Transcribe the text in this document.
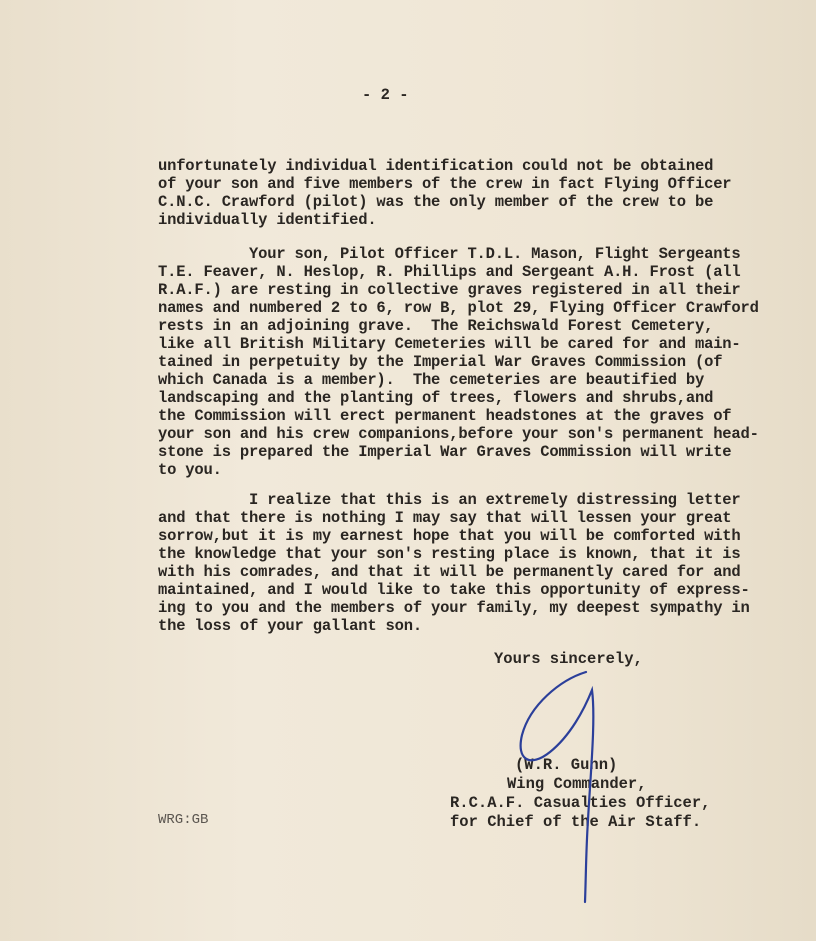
- 2 -
unfortunately individual identification could not be obtained
of your son and five members of the crew in fact Flying Officer
C.N.C. Crawford (pilot) was the only member of the crew to be
individually identified.
Your son, Pilot Officer T.D.L. Mason, Flight Sergeants
T.E. Feaver, N. Heslop, R. Phillips and Sergeant A.H. Frost (all
R.A.F.) are resting in collective graves registered in all their
names and numbered 2 to 6, row B, plot 29, Flying Officer Crawford
rests in an adjoining grave.  The Reichswald Forest Cemetery,
like all British Military Cemeteries will be cared for and main-
tained in perpetuity by the Imperial War Graves Commission (of
which Canada is a member).  The cemeteries are beautified by
landscaping and the planting of trees, flowers and shrubs,and
the Commission will erect permanent headstones at the graves of
your son and his crew companions,before your son's permanent head-
stone is prepared the Imperial War Graves Commission will write
to you.
I realize that this is an extremely distressing letter
and that there is nothing I may say that will lessen your great
sorrow,but it is my earnest hope that you will be comforted with
the knowledge that your son's resting place is known, that it is
with his comrades, and that it will be permanently cared for and
maintained, and I would like to take this opportunity of express-
ing to you and the members of your family, my deepest sympathy in
the loss of your gallant son.
Yours sincerely,
(W.R. Gunn)
Wing Commander,
R.C.A.F. Casualties Officer,
for Chief of the Air Staff.
WRG:GB
